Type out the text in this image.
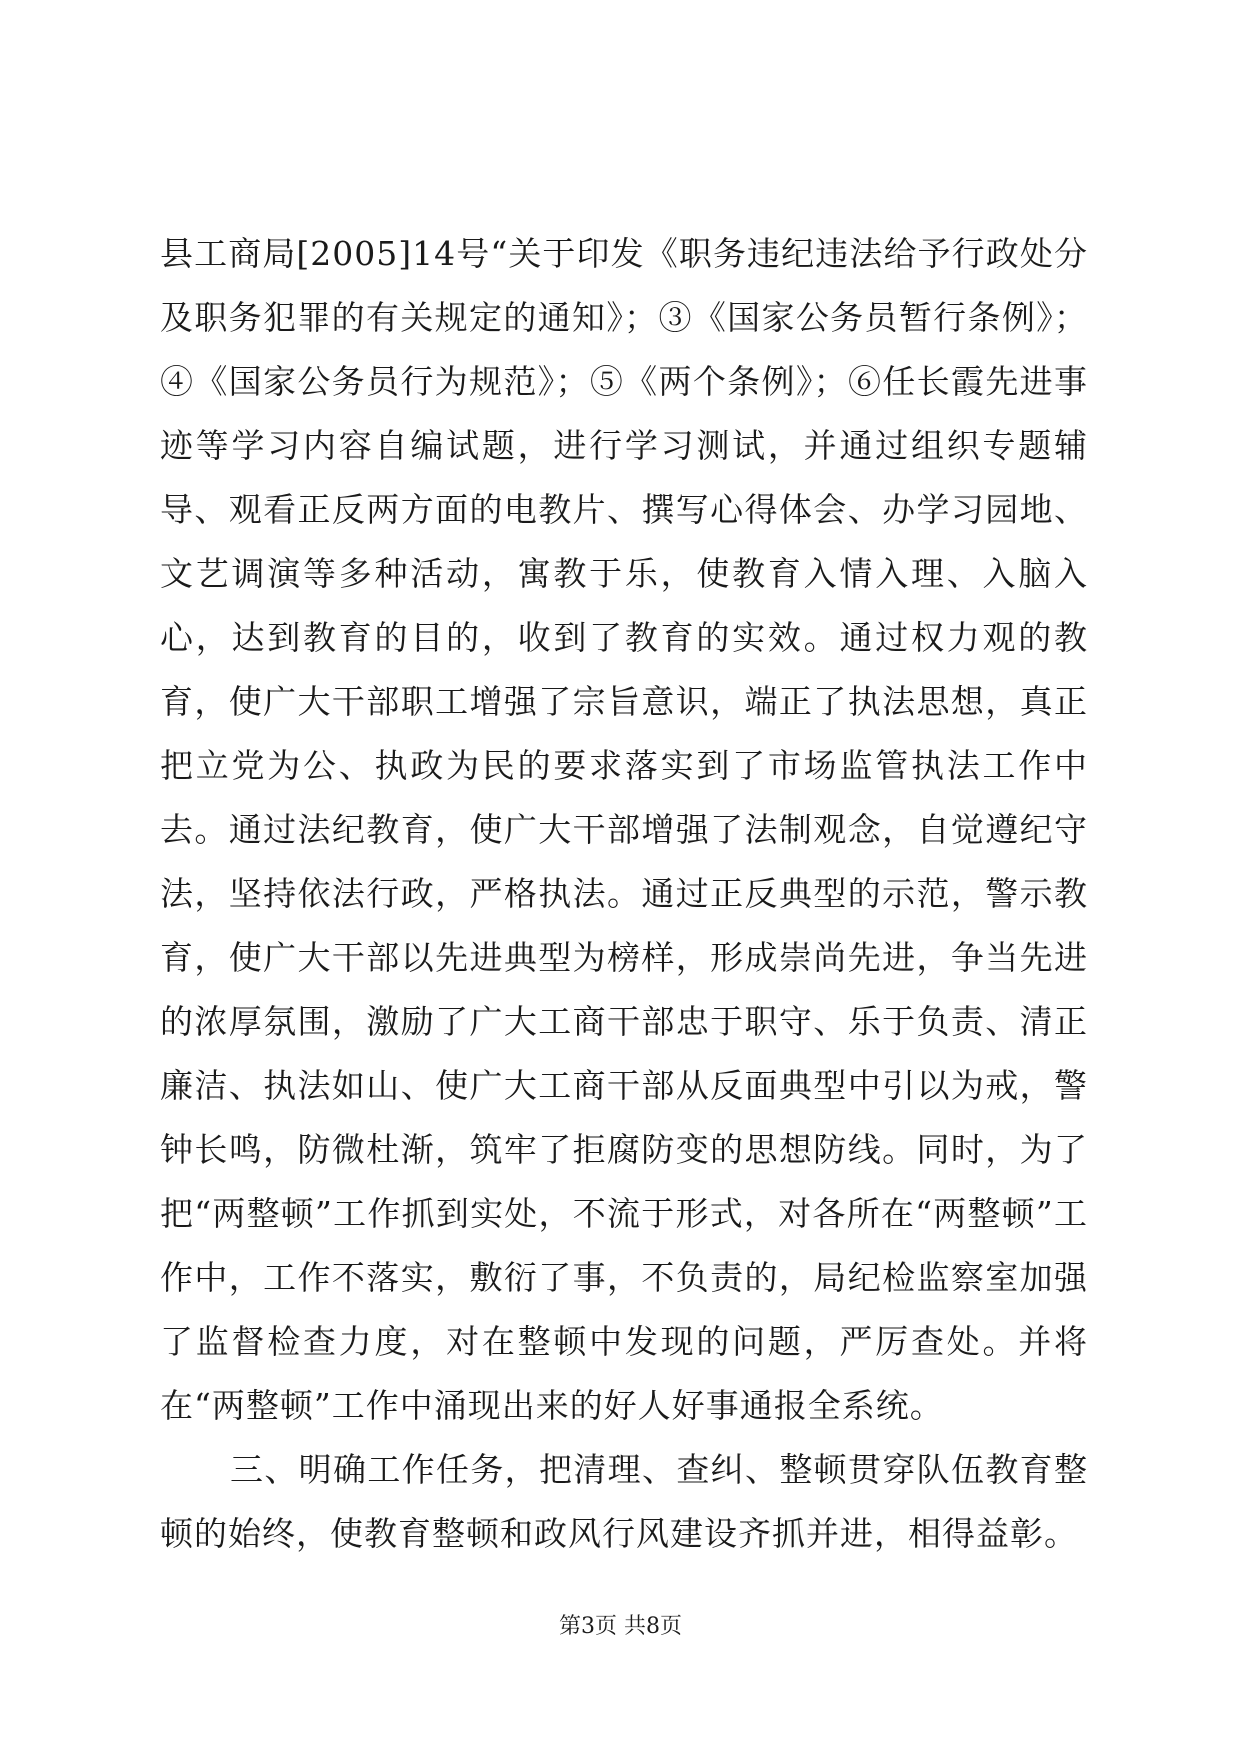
县工商局[2005]14号“关于印发《职务违纪违法给予行政处分及职务犯罪的有关规定的通知》；③《国家公务员暂行条例》；④《国家公务员行为规范》；⑤《两个条例》；⑥任长霞先进事迹等学习内容自编试题，进行学习测试，并通过组织专题辅导、观看正反两方面的电教片、撰写心得体会、办学习园地、文艺调演等多种活动，寓教于乐，使教育入情入理、入脑入心，达到教育的目的，收到了教育的实效。通过权力观的教育，使广大干部职工增强了宗旨意识，端正了执法思想，真正把立党为公、执政为民的要求落实到了市场监管执法工作中去。通过法纪教育，使广大干部增强了法制观念，自觉遵纪守法，坚持依法行政，严格执法。通过正反典型的示范，警示教育，使广大干部以先进典型为榜样，形成崇尚先进，争当先进的浓厚氛围，激励了广大工商干部忠于职守、乐于负责、清正廉洁、执法如山、使广大工商干部从反面典型中引以为戒，警钟长鸣，防微杜渐，筑牢了拒腐防变的思想防线。同时，为了把“两整顿”工作抓到实处，不流于形式，对各所在“两整顿”工作中，工作不落实，敷衍了事，不负责的，局纪检监察室加强了监督检查力度，对在整顿中发现的问题，严厉查处。并将在“两整顿”工作中涌现出来的好人好事通报全系统。

三、明确工作任务，把清理、查纠、整顿贯穿队伍教育整顿的始终，使教育整顿和政风行风建设齐抓并进，相得益彰。

第3页 共8页
